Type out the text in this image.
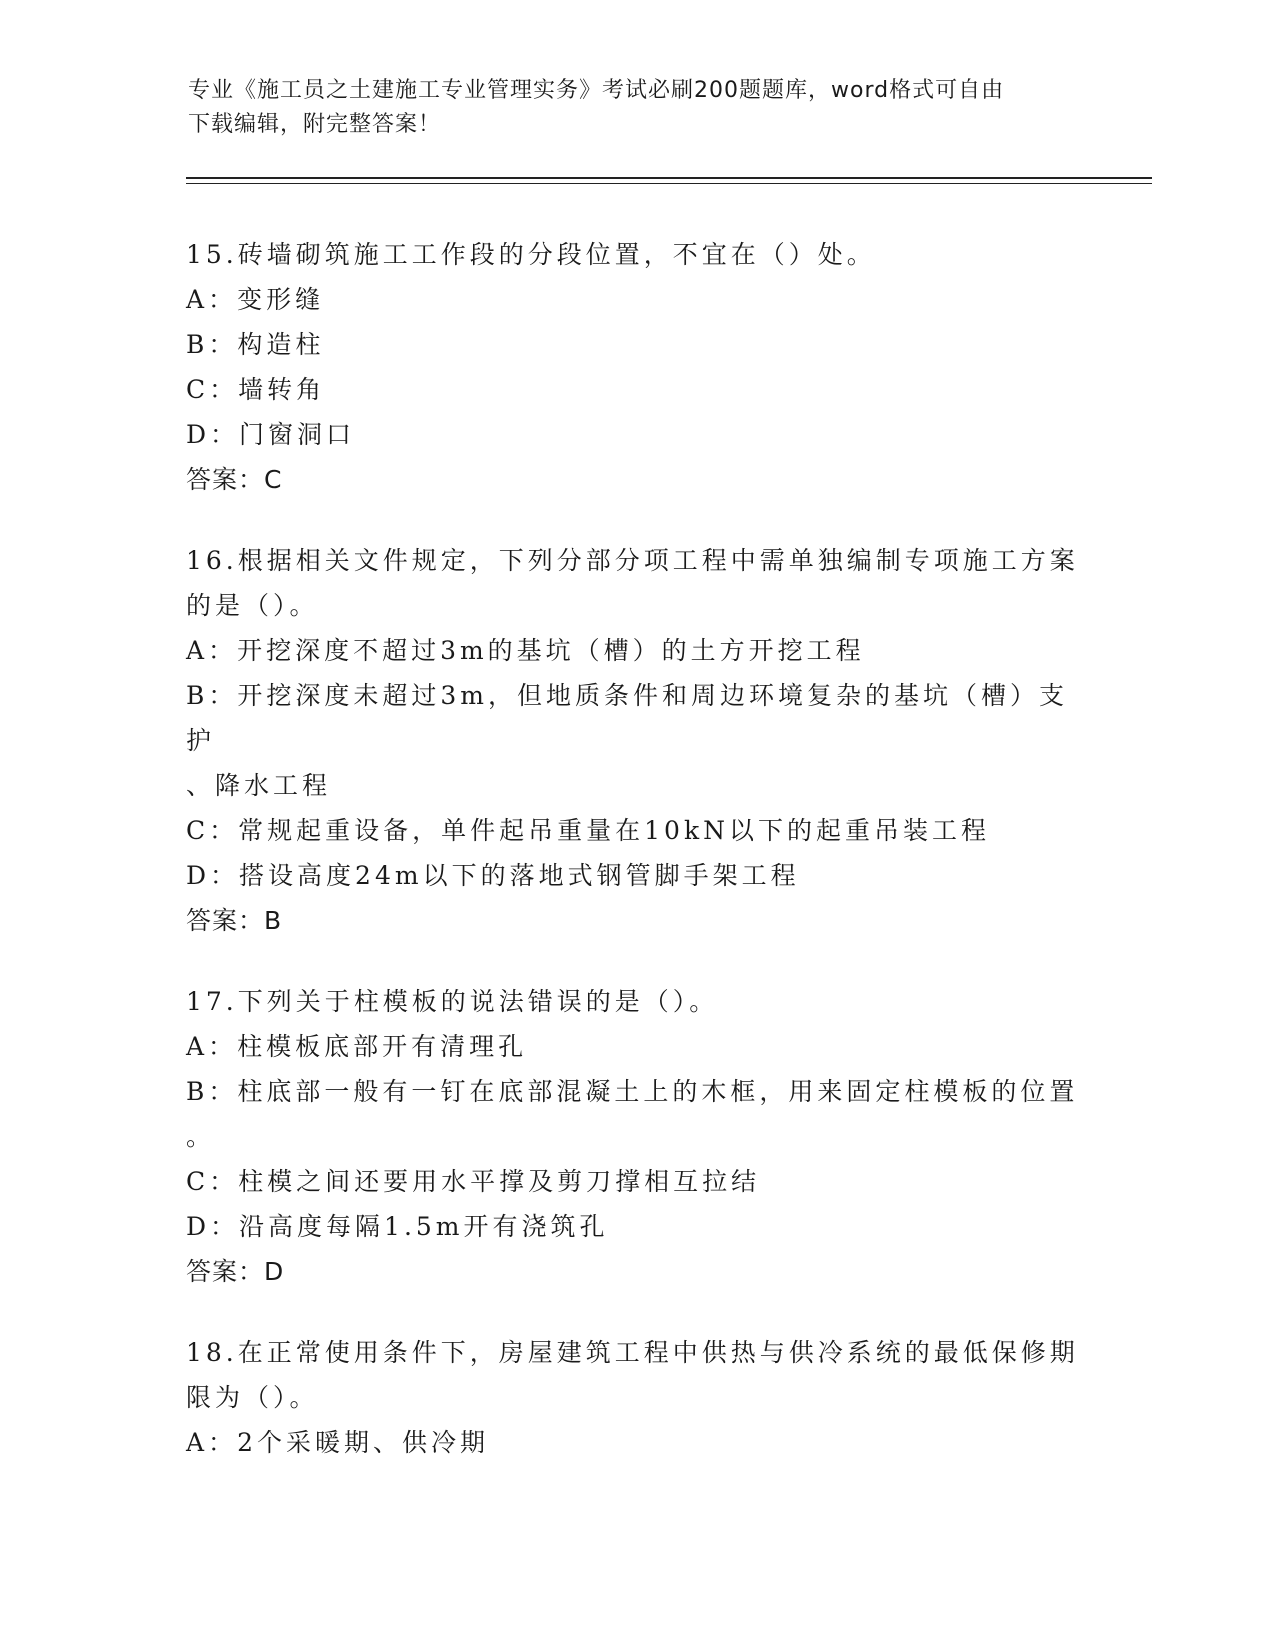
专业《施工员之土建施工专业管理实务》考试必刷200题题库，word格式可自由
下载编辑，附完整答案！
15.砖墙砌筑施工工作段的分段位置，不宜在（）处。
A：变形缝
B：构造柱
C：墙转角
D：门窗洞口
答案：C
16.根据相关文件规定，下列分部分项工程中需单独编制专项施工方案
的是（）。
A：开挖深度不超过3m的基坑（槽）的土方开挖工程
B：开挖深度未超过3m，但地质条件和周边环境复杂的基坑（槽）支护
、降水工程
C：常规起重设备，单件起吊重量在10kN以下的起重吊装工程
D：搭设高度24m以下的落地式钢管脚手架工程
答案：B
17.下列关于柱模板的说法错误的是（）。
A：柱模板底部开有清理孔
B：柱底部一般有一钉在底部混凝土上的木框，用来固定柱模板的位置
。
C：柱模之间还要用水平撑及剪刀撑相互拉结
D：沿高度每隔1.5m开有浇筑孔
答案：D
18.在正常使用条件下，房屋建筑工程中供热与供冷系统的最低保修期
限为（）。
A：2个采暖期、供冷期
